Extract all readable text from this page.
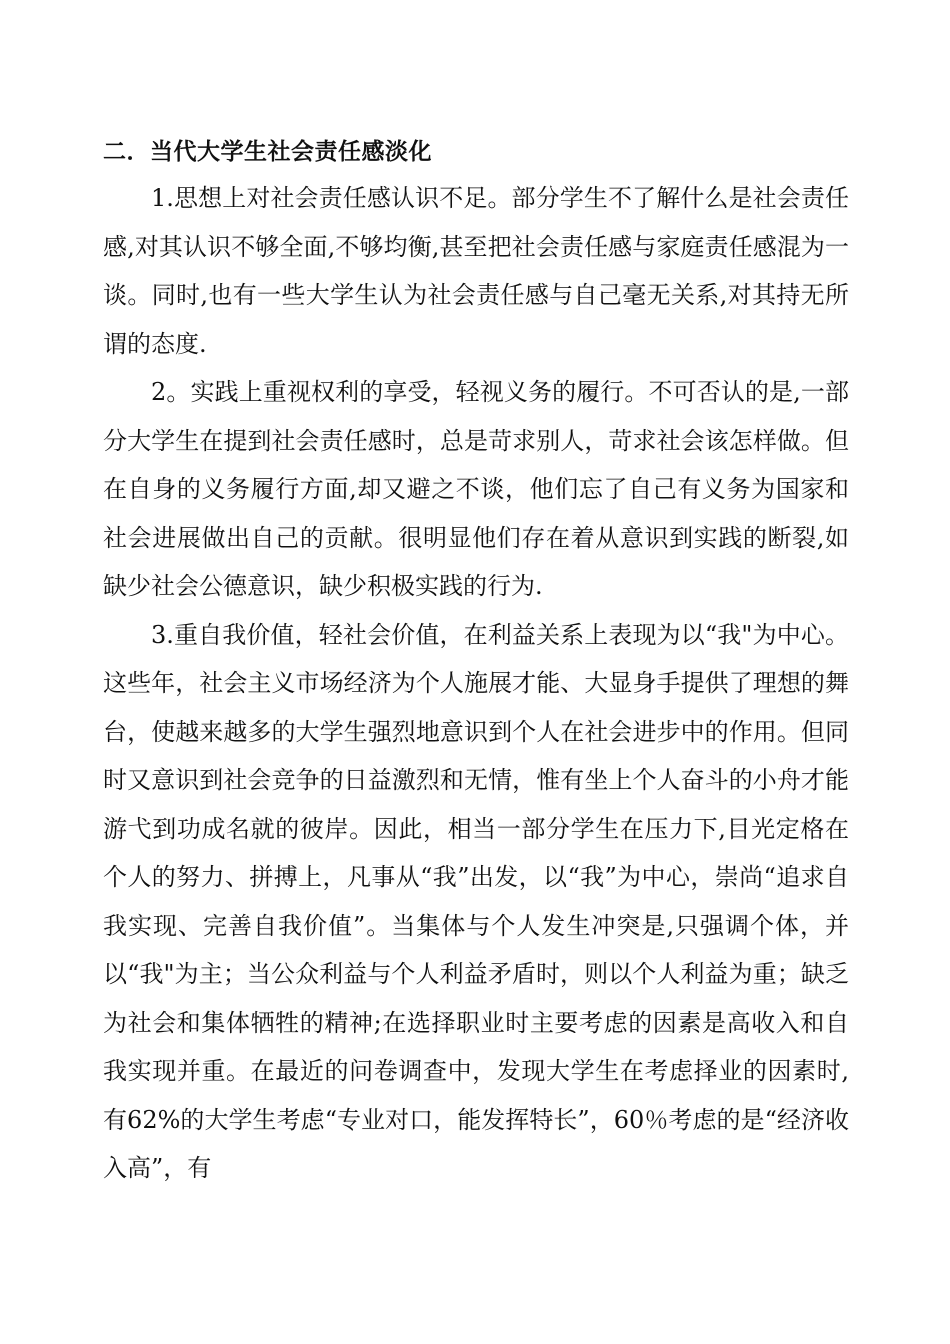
二．当代大学生社会责任感淡化

1.思想上对社会责任感认识不足。部分学生不了解什么是社会责任感,对其认识不够全面,不够均衡,甚至把社会责任感与家庭责任感混为一谈。同时,也有一些大学生认为社会责任感与自己毫无关系,对其持无所谓的态度.

2。实践上重视权利的享受，轻视义务的履行。不可否认的是,一部分大学生在提到社会责任感时，总是苛求别人，苛求社会该怎样做。但在自身的义务履行方面,却又避之不谈，他们忘了自己有义务为国家和社会进展做出自己的贡献。很明显他们存在着从意识到实践的断裂,如缺少社会公德意识，缺少积极实践的行为.

3.重自我价值，轻社会价值，在利益关系上表现为以“我"为中心。这些年，社会主义市场经济为个人施展才能、大显身手提供了理想的舞台，使越来越多的大学生强烈地意识到个人在社会进步中的作用。但同时又意识到社会竞争的日益激烈和无情，惟有坐上个人奋斗的小舟才能游弋到功成名就的彼岸。因此，相当一部分学生在压力下,目光定格在个人的努力、拼搏上，凡事从“我”出发，以“我”为中心，崇尚“追求自我实现、完善自我价值”。当集体与个人发生冲突是,只强调个体，并以“我"为主；当公众利益与个人利益矛盾时，则以个人利益为重；缺乏为社会和集体牺牲的精神;在选择职业时主要考虑的因素是高收入和自我实现并重。在最近的问卷调查中，发现大学生在考虑择业的因素时,有62%的大学生考虑“专业对口，能发挥特长”，60％考虑的是“经济收入高”，有
